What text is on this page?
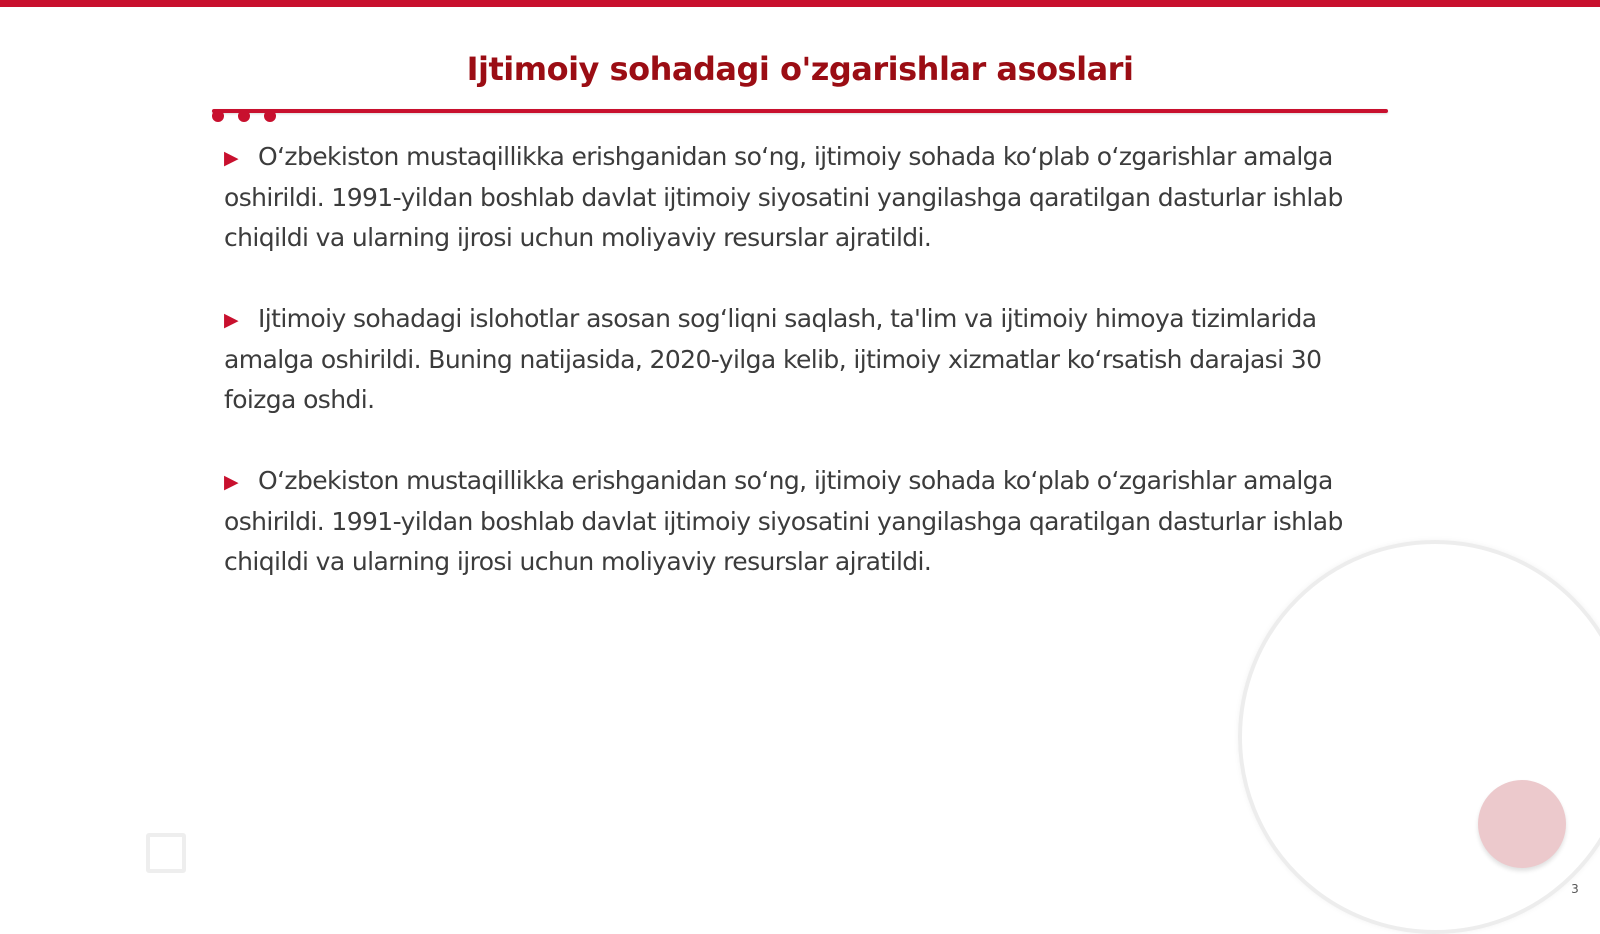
Ijtimoiy sohadagi o'zgarishlar asoslari

▶ Oʻzbekiston mustaqillikka erishganidan soʻng, ijtimoiy sohada koʻplab oʻzgarishlar amalga oshirildi. 1991-yildan boshlab davlat ijtimoiy siyosatini yangilashga qaratilgan dasturlar ishlab chiqildi va ularning ijrosi uchun moliyaviy resurslar ajratildi.

▶ Ijtimoiy sohadagi islohotlar asosan sogʻliqni saqlash, ta'lim va ijtimoiy himoya tizimlarida amalga oshirildi. Buning natijasida, 2020-yilga kelib, ijtimoiy xizmatlar koʻrsatish darajasi 30 foizga oshdi.

▶ Oʻzbekiston mustaqillikka erishganidan soʻng, ijtimoiy sohada koʻplab oʻzgarishlar amalga oshirildi. 1991-yildan boshlab davlat ijtimoiy siyosatini yangilashga qaratilgan dasturlar ishlab chiqildi va ularning ijrosi uchun moliyaviy resurslar ajratildi.

3
